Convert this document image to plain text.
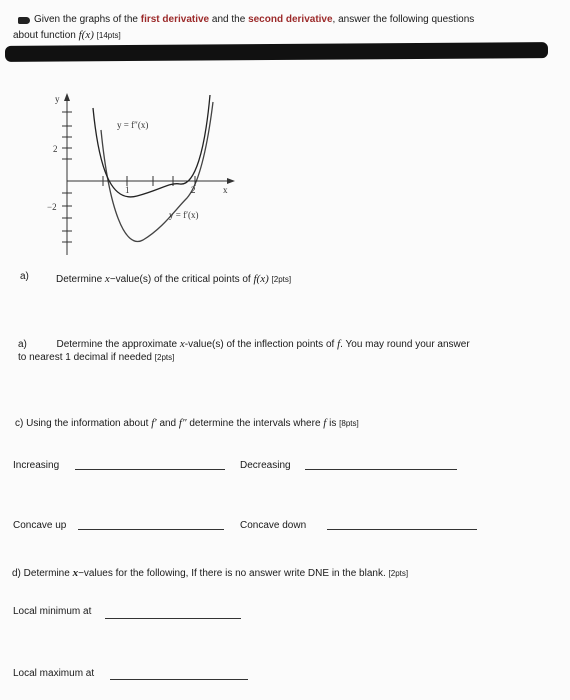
Given the graphs of the first derivative and the second derivative, answer the following questions
about function f(x) [14pts]
y
x
2
−2
1	2
y = f″(x)
y = f′(x)
a)	Determine x−value(s) of the critical points of f(x) [2pts]
a)	Determine the approximate x-value(s) of the inflection points of f. You may round your answer
to nearest 1 decimal if needed [2pts]
c) Using the information about f′ and f″ determine the intervals where f is [8pts]
Increasing	Decreasing
Concave up	Concave down
d) Determine x−values for the following, If there is no answer write DNE in the blank. [2pts]
Local minimum at
Local maximum at
